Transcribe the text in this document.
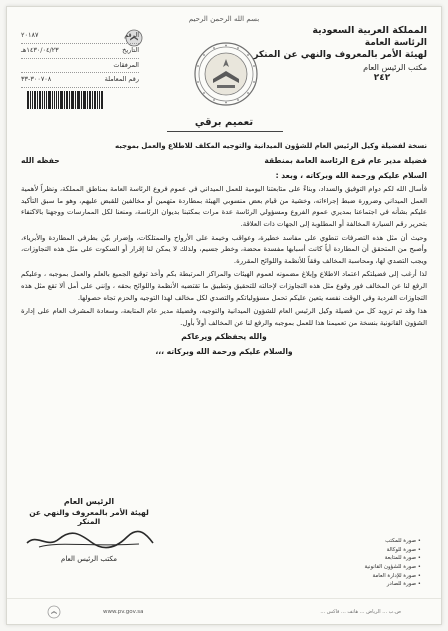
بسم الله الرحمن الرحيم
المملكة العربية السعودية
الرئاسة العامة
لهيئة الأمر بالمعروف والنهي عن المنكر
مكتب الرئيس العام
٢٤٢
الرقم
٢٠١٨٧
التاريخ
١٤٣٠/٠٤/٢٣هـ
المرفقات
رقم المعاملة
٣٠٠٧٠٨-٣٣
تعميم برقي

نسخة لفضيلة وكيل الرئيس العام للشؤون الميدانية والتوجيه المكلف للاطلاع والعمل بموجبه

فضيلة مدير عام فرع الرئاسة العامة بمنطقة
حفظه الله

السلام عليكم ورحمة الله وبركاته ، وبعد :

فأسال الله لكم دوام التوفيق والسداد، وبناءً على متابعتنا اليومية للعمل الميداني في عموم فروع الرئاسة العامة بمناطق المملكة، ونظراً لأهمية العمل الميداني وضرورة ضبط إجراءاته، وخشية من قيام بعض منسوبي الهيئة بمطاردة متهمين أو مخالفين للقبض عليهم، وهو ما سبق التأكيد عليكم بشأنه في اجتماعنا بمديري عموم الفروع ومسؤولي الرئاسة عدة مرات بمكتبنا بديوان الرئاسة، ومنعنا لكل الممارسات ووجهنا بالاكتفاء بتحرير رقم السيارة المخالفة أو المطلوبة إلى الجهات ذات العلاقة.

وحيث أن مثل هذه التصرفات تنطوي على مفاسد خطيرة، وعواقب وخيمة على الأرواح والممتلكات، وإضرار بيّن بطرفي المطاردة والأبرياء، وأصبح من المتحقق أن المطاردة أياً كانت أسبابها مفسدة محضة، وخطر جسيم، ولذلك لا يمكن لنا إقرار أو السكوت على مثل هذه التجاوزات، ويجب التصدي لها، ومحاسبة المخالف وفقاً للأنظمة واللوائح المقررة.

لذا أرغب إلى فضيلتكم اعتماد الاطلاع وإبلاغ مضمونه لعموم الهيئات والمراكز المرتبطة بكم وأخذ توقيع الجميع بالعلم والعمل بموجبه ، وعليكم الرفع لنا عن المخالف فور وقوع مثل هذه التجاوزات لإحالته للتحقيق وتطبيق ما تقتضيه الأنظمة واللوائح بحقه ، وإنني على أمل ألا تقع مثل هذه التجاوزات الفردية وفي الوقت نفسه يتعين عليكم تحمل مسؤولياتكم والتصدي لكل مخالف لهذا التوجيه والحزم تجاه حصولها.

هذا وقد تم تزويد كل من فضيلة وكيل الرئيس العام للشؤون الميدانية والتوجيه، وفضيلة مدير عام المتابعة، وسعادة المشرف العام على إدارة الشؤون القانونية بنسخة من تعميمنا هذا للعمل بموجبه والرفع لنا عن المخالف أولاً بأول.

والله يحفظكم ويرعاكم

والسلام عليكم ورحمة الله وبركاته ،،،

الرئيس العام
لهيئة الأمر بالمعروف والنهي عن المنكر
مكتب الرئيس العام
• صورة للمكتب
• صورة للوكالة
• صورة للمتابعة
• صورة للشؤون القانونية
• صورة للإدارة العامة
• صورة للصادر
www.pv.gov.sa	ص.ب ... الرياض ... هاتف ... فاكس ...
